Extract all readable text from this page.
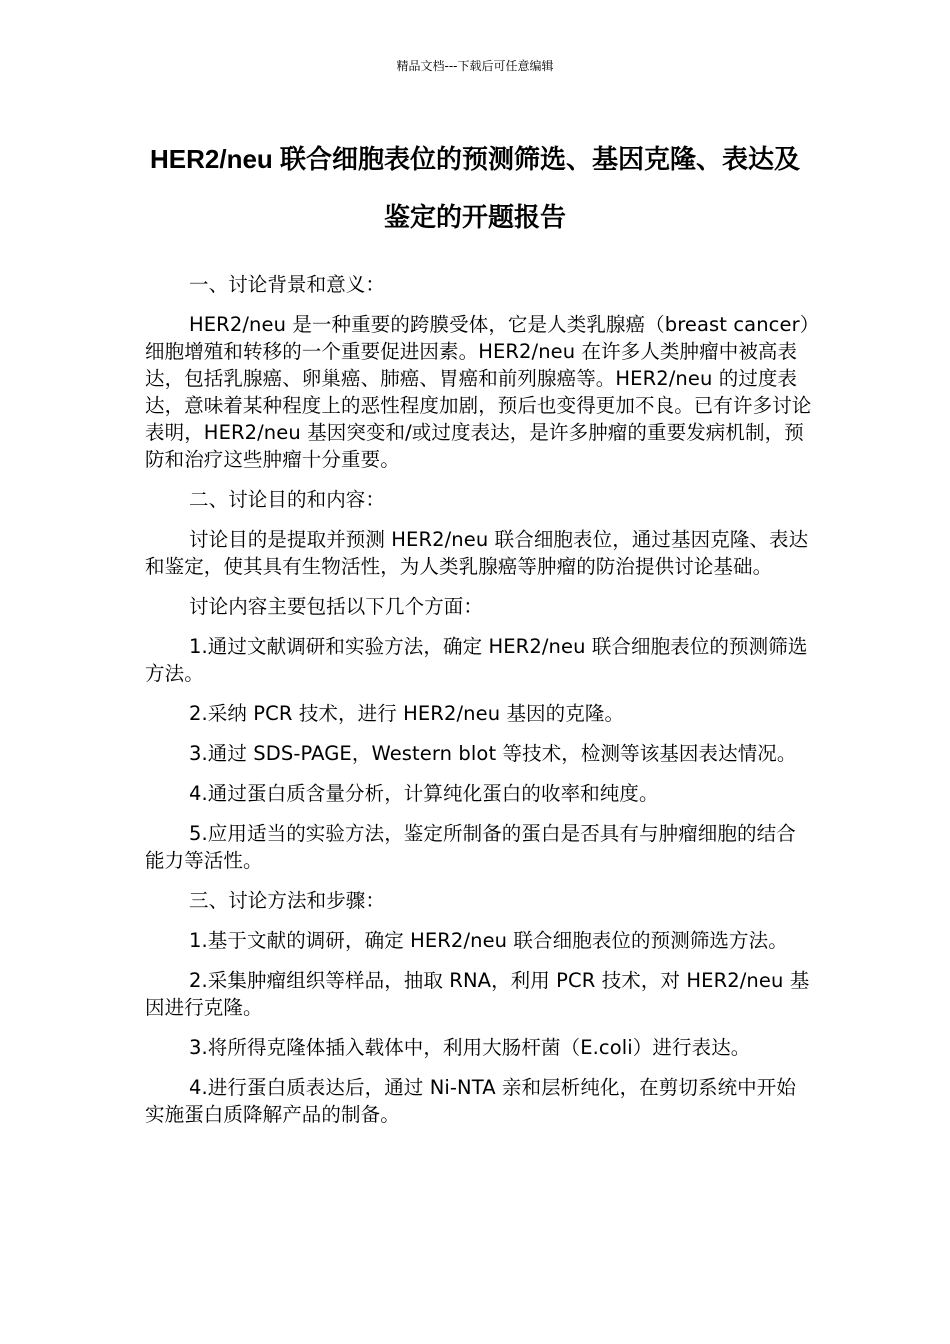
精品文档---下载后可任意编辑
HER2/neu 联合细胞表位的预测筛选、基因克隆、表达及鉴定的开题报告

一、讨论背景和意义：

HER2/neu 是一种重要的跨膜受体，它是人类乳腺癌（breast cancer）细胞增殖和转移的一个重要促进因素。HER2/neu 在许多人类肿瘤中被高表达，包括乳腺癌、卵巢癌、肺癌、胃癌和前列腺癌等。HER2/neu 的过度表达，意味着某种程度上的恶性程度加剧，预后也变得更加不良。已有许多讨论表明，HER2/neu 基因突变和/或过度表达，是许多肿瘤的重要发病机制，预防和治疗这些肿瘤十分重要。

二、讨论目的和内容：

讨论目的是提取并预测 HER2/neu 联合细胞表位，通过基因克隆、表达和鉴定，使其具有生物活性，为人类乳腺癌等肿瘤的防治提供讨论基础。

讨论内容主要包括以下几个方面：

1.通过文献调研和实验方法，确定 HER2/neu 联合细胞表位的预测筛选方法。

2.采纳 PCR 技术，进行 HER2/neu 基因的克隆。

3.通过 SDS-PAGE，Western blot 等技术，检测等该基因表达情况。

4.通过蛋白质含量分析，计算纯化蛋白的收率和纯度。

5.应用适当的实验方法，鉴定所制备的蛋白是否具有与肿瘤细胞的结合能力等活性。

三、讨论方法和步骤：

1.基于文献的调研，确定 HER2/neu 联合细胞表位的预测筛选方法。

2.采集肿瘤组织等样品，抽取 RNA，利用 PCR 技术，对 HER2/neu 基因进行克隆。

3.将所得克隆体插入载体中，利用大肠杆菌（E.coli）进行表达。

4.进行蛋白质表达后，通过 Ni-NTA 亲和层析纯化，在剪切系统中开始实施蛋白质降解产品的制备。
